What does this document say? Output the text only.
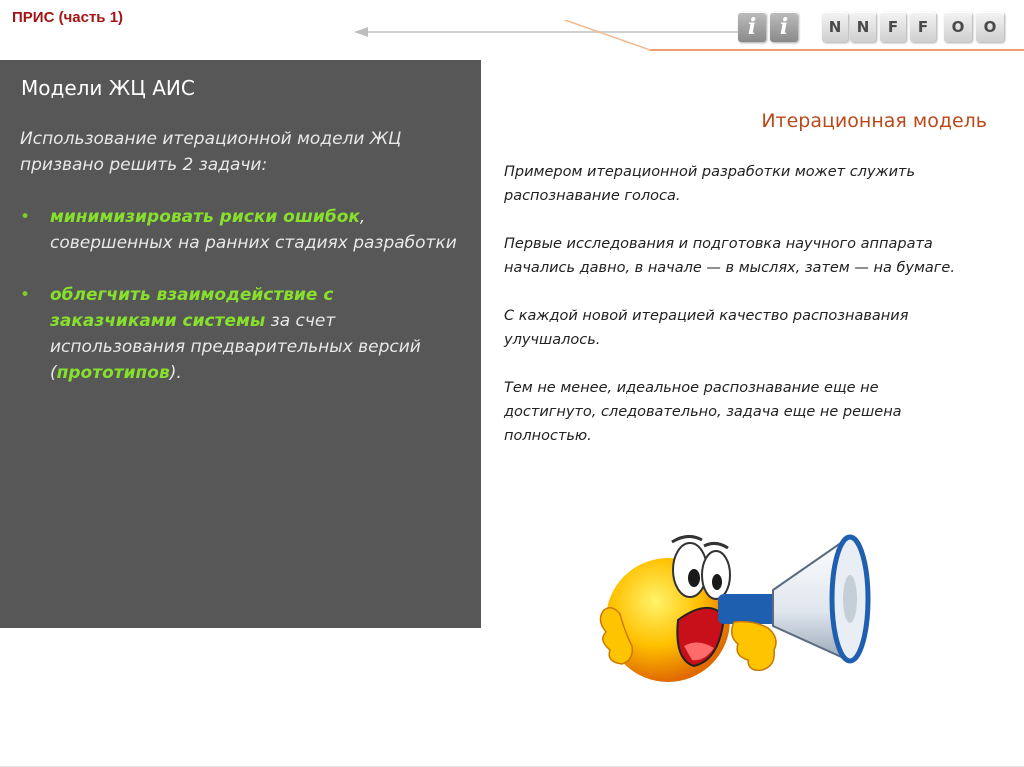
ПРИС (часть 1)	i	i	N	N	F	F	O	O
Модели ЖЦ АИС
Использование итерационной модели ЖЦ призвано решить 2 задачи:
• минимизировать риски ошибок, совершенных на ранних стадиях разработки
• облегчить взаимодействие с заказчиками системы за счет использования предварительных версий (прототипов).
Итерационная модель

Примером итерационной разработки может служить распознавание голоса.

Первые исследования и подготовка научного аппарата начались давно, в начале — в мыслях, затем — на бумаге.

С каждой новой итерацией качество распознавания улучшалось.

Тем не менее, идеальное распознавание еще не достигнуто, следовательно, задача еще не решена полностью.
